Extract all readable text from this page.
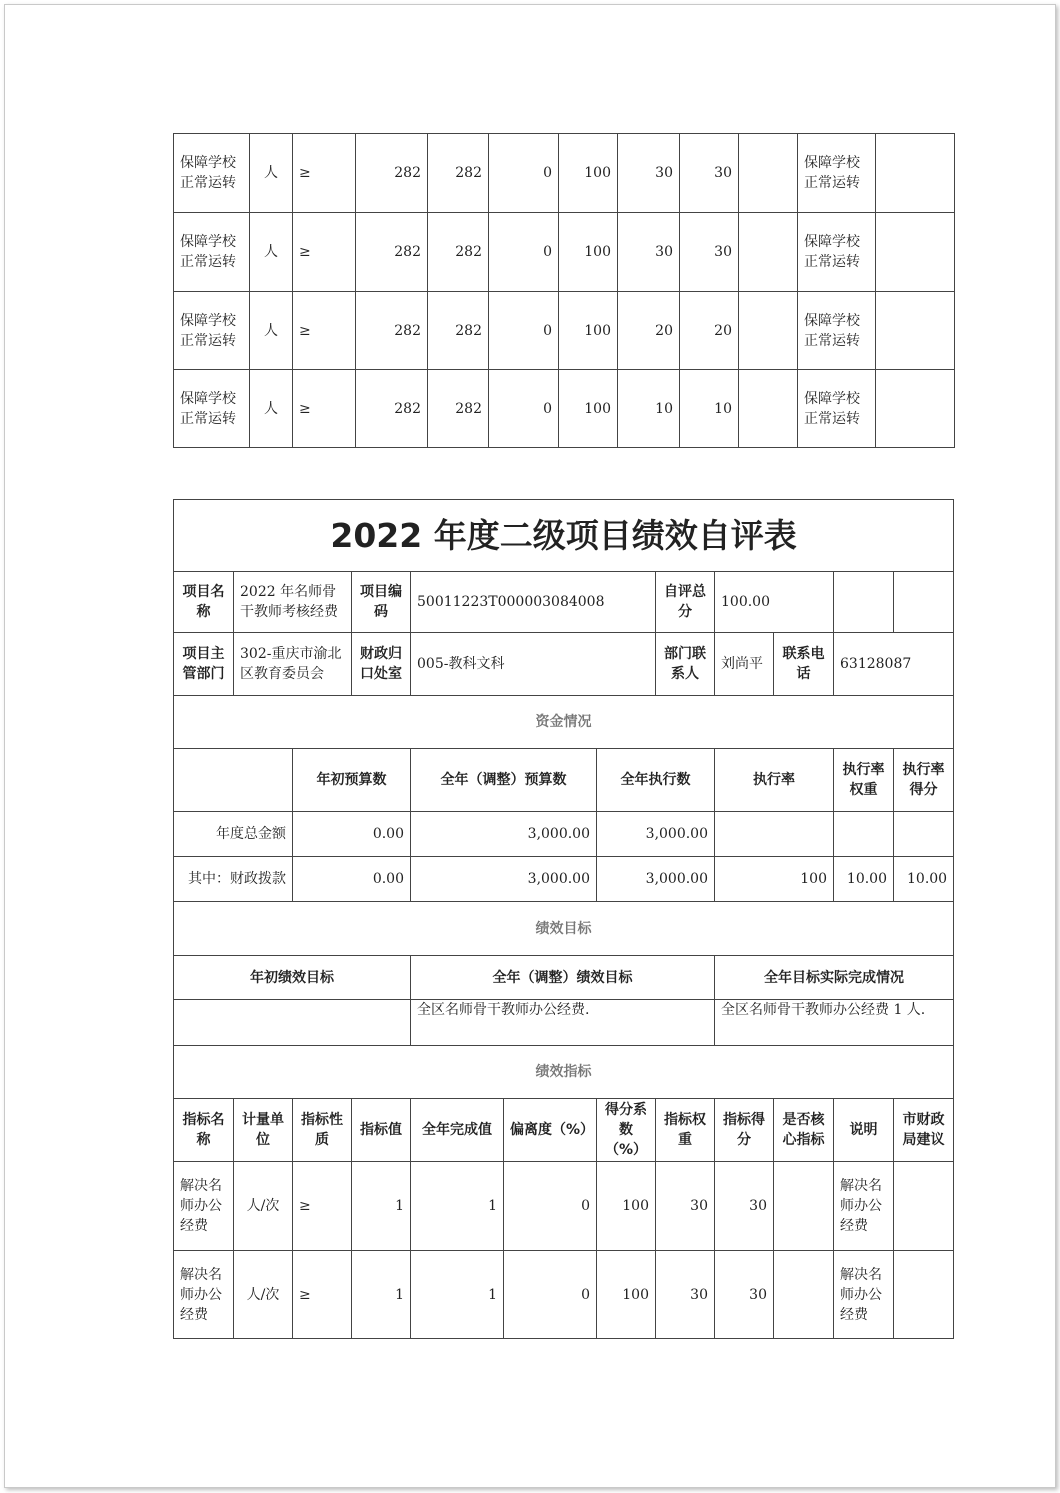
保障学校正常运转	人	≥	282	282	0	100	30	30		保障学校正常运转	
保障学校正常运转	人	≥	282	282	0	100	30	30		保障学校正常运转	
保障学校正常运转	人	≥	282	282	0	100	20	20		保障学校正常运转	
保障学校正常运转	人	≥	282	282	0	100	10	10		保障学校正常运转	
2022 年度二级项目绩效自评表											
项目名称	2022 年名师骨干教师考核经费		项目编码	50011223T000003084008			自评总分	100.00			
项目主管部门	302-重庆市渝北区教育委员会		财政归口处室	005-教科文科			部门联系人	刘尚平	联系电话	63128087	
资金情况											
		年初预算数		全年（调整）预算数		全年执行数		执行率		执行率权重	执行率得分
年度总金额		0.00		3,000.00		3,000.00					
其中：财政拨款		0.00		3,000.00		3,000.00		100		10.00	10.00
绩效目标											
年初绩效目标				全年（调整）绩效目标				全年目标实际完成情况			
				全区名师骨干教师办公经费.				全区名师骨干教师办公经费 1 人.			
绩效指标											
指标名称	计量单位	指标性质	指标值	全年完成值	偏离度（%）	得分系数（%）	指标权重	指标得分	是否核心指标	说明	市财政局建议
解决名师办公经费	人/次	≥	1	1	0	100	30	30		解决名师办公经费	
解决名师办公经费	人/次	≥	1	1	0	100	30	30		解决名师办公经费	
